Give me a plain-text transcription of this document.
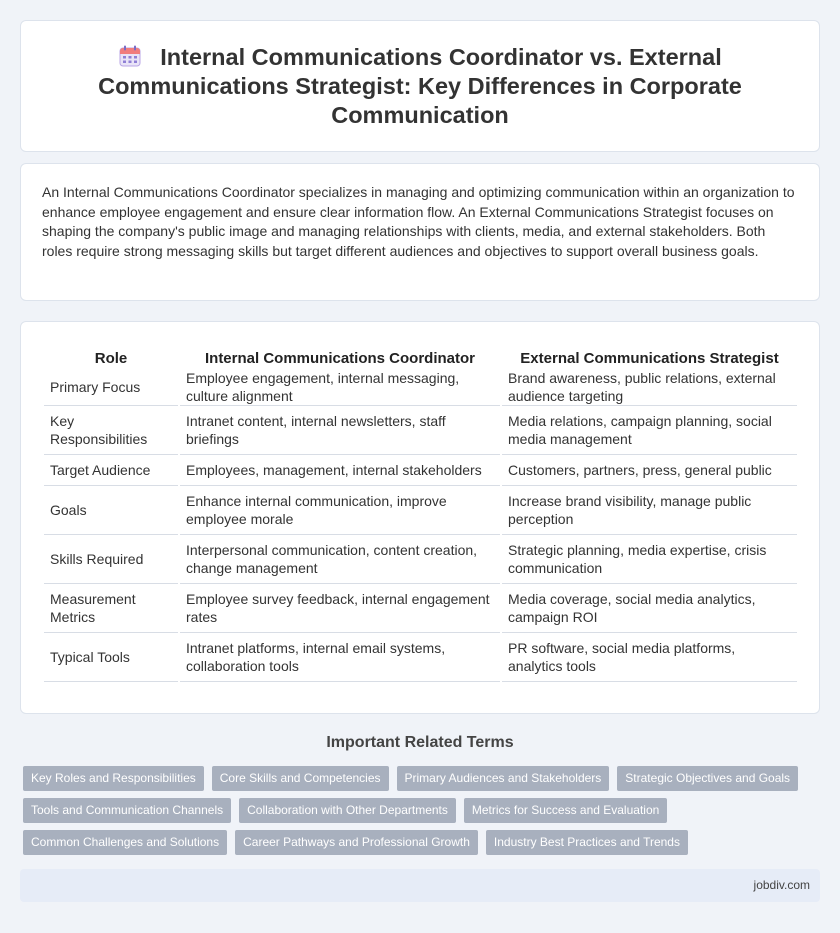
Internal Communications Coordinator vs. External Communications Strategist: Key Differences in Corporate Communication

An Internal Communications Coordinator specializes in managing and optimizing communication within an organization to enhance employee engagement and ensure clear information flow. An External Communications Strategist focuses on shaping the company's public image and managing relationships with clients, media, and external stakeholders. Both roles require strong messaging skills but target different audiences and objectives to support overall business goals.

Role	Internal Communications Coordinator	External Communications Strategist
Primary Focus	Employee engagement, internal messaging, culture alignment	Brand awareness, public relations, external audience targeting
Key Responsibilities	Intranet content, internal newsletters, staff briefings	Media relations, campaign planning, social media management
Target Audience	Employees, management, internal stakeholders	Customers, partners, press, general public
Goals	Enhance internal communication, improve employee morale	Increase brand visibility, manage public perception
Skills Required	Interpersonal communication, content creation, change management	Strategic planning, media expertise, crisis communication
Measurement Metrics	Employee survey feedback, internal engagement rates	Media coverage, social media analytics, campaign ROI
Typical Tools	Intranet platforms, internal email systems, collaboration tools	PR software, social media platforms, analytics tools
Important Related Terms
Key Roles and Responsibilities	Core Skills and Competencies	Primary Audiences and Stakeholders	Strategic Objectives and Goals
Tools and Communication Channels	Collaboration with Other Departments	Metrics for Success and Evaluation
Common Challenges and Solutions	Career Pathways and Professional Growth	Industry Best Practices and Trends
jobdiv.com
